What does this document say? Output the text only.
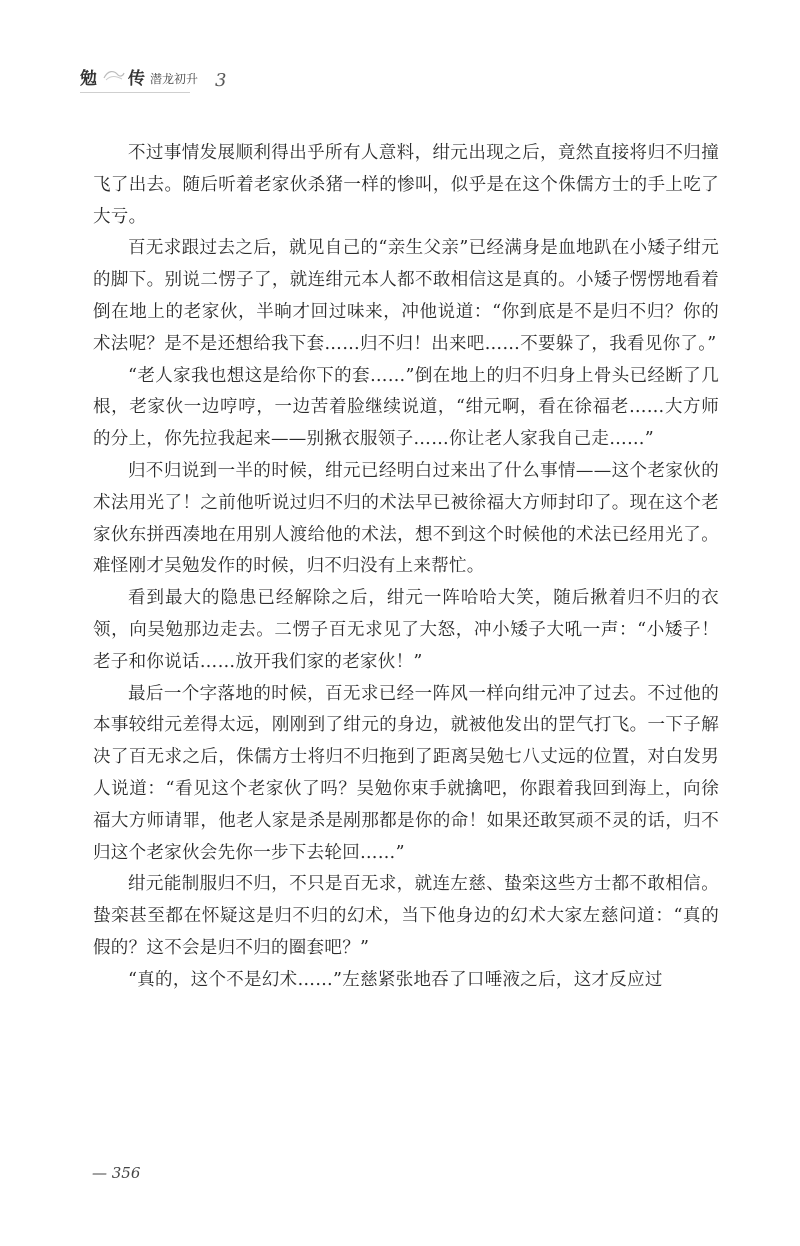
勉 传 潜龙初升 3

不过事情发展顺利得出乎所有人意料，绀元出现之后，竟然直接将归不归撞飞了出去。随后听着老家伙杀猪一样的惨叫，似乎是在这个侏儒方士的手上吃了大亏。

百无求跟过去之后，就见自己的“亲生父亲”已经满身是血地趴在小矮子绀元的脚下。别说二愣子了，就连绀元本人都不敢相信这是真的。小矮子愣愣地看着倒在地上的老家伙，半晌才回过味来，冲他说道：“你到底是不是归不归？你的术法呢？是不是还想给我下套……归不归！出来吧……不要躲了，我看见你了。”

“老人家我也想这是给你下的套……”倒在地上的归不归身上骨头已经断了几根，老家伙一边哼哼，一边苦着脸继续说道，“绀元啊，看在徐福老……大方师的分上，你先拉我起来——别揪衣服领子……你让老人家我自己走……”

归不归说到一半的时候，绀元已经明白过来出了什么事情——这个老家伙的术法用光了！之前他听说过归不归的术法早已被徐福大方师封印了。现在这个老家伙东拼西凑地在用别人渡给他的术法，想不到这个时候他的术法已经用光了。难怪刚才吴勉发作的时候，归不归没有上来帮忙。

看到最大的隐患已经解除之后，绀元一阵哈哈大笑，随后揪着归不归的衣领，向吴勉那边走去。二愣子百无求见了大怒，冲小矮子大吼一声：“小矮子！老子和你说话……放开我们家的老家伙！”

最后一个字落地的时候，百无求已经一阵风一样向绀元冲了过去。不过他的本事较绀元差得太远，刚刚到了绀元的身边，就被他发出的罡气打飞。一下子解决了百无求之后，侏儒方士将归不归拖到了距离吴勉七八丈远的位置，对白发男人说道：“看见这个老家伙了吗？吴勉你束手就擒吧，你跟着我回到海上，向徐福大方师请罪，他老人家是杀是剐那都是你的命！如果还敢冥顽不灵的话，归不归这个老家伙会先你一步下去轮回……”

绀元能制服归不归，不只是百无求，就连左慈、蛰栾这些方士都不敢相信。蛰栾甚至都在怀疑这是归不归的幻术，当下他身边的幻术大家左慈问道：“真的假的？这不会是归不归的圈套吧？”

“真的，这个不是幻术……”左慈紧张地吞了口唾液之后，这才反应过

— 356
